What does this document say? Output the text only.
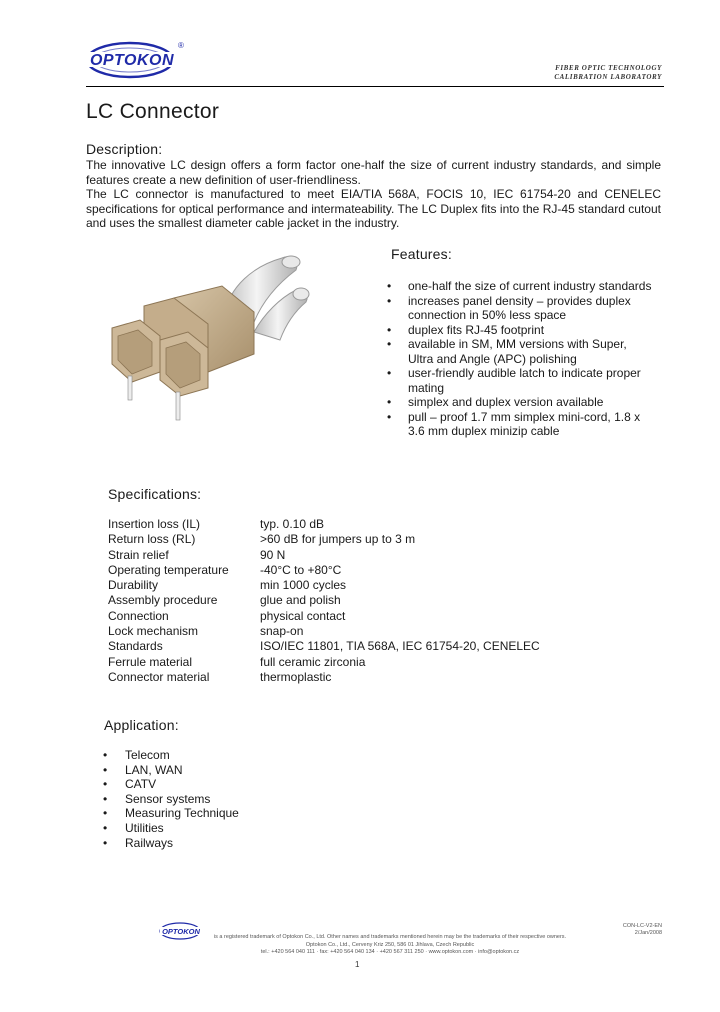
OPTOKON
®
FIBER OPTIC TECHNOLOGY
CALIBRATION LABORATORY
LC Connector
Description:

The innovative LC design offers a form factor one-half the size of current industry standards, and simple features create a new definition of user-friendliness.

The LC connector is manufactured to meet EIA/TIA 568A, FOCIS 10, IEC 61754-20 and CENELEC specifications for optical performance and intermateability. The LC Duplex fits into the RJ-45 standard cutout and uses the smallest diameter cable jacket in the industry.

Features:
• one-half the size of current industry standards
• increases panel density – provides duplex connection in 50% less space
• duplex fits RJ-45 footprint
• available in SM, MM versions with Super, Ultra and Angle (APC) polishing
• user-friendly audible latch to indicate proper mating
• simplex and duplex version available
• pull – proof 1.7 mm simplex mini-cord, 1.8 x 3.6 mm duplex minizip cable
Specifications:
Insertion loss (IL)	typ. 0.10 dB
Return loss (RL)	>60 dB for jumpers up to 3 m
Strain relief	90 N
Operating temperature	-40°C to +80°C
Durability	min 1000 cycles
Assembly procedure	glue and polish
Connection	physical contact
Lock mechanism	snap-on
Standards	ISO/IEC 11801, TIA 568A, IEC 61754-20, CENELEC
Ferrule material	full ceramic zirconia
Connector material	thermoplastic
Application:
• Telecom
• LAN, WAN
• CATV
• Sensor systems
• Measuring Technique
• Utilities
• Railways
OPTOKON
is a registered trademark of Optokon Co., Ltd. Other names and trademarks mentioned herein may be the trademarks of their respective owners.
Optokon Co., Ltd., Cerveny Kriz 250, 586 01 Jihlava, Czech Republic
tel.: +420 564 040 111 · fax: +420 564 040 134 · +420 567 311 250 · www.optokon.com · info@optokon.cz
CON-LC-V2-EN
2/Jan/2008
1
